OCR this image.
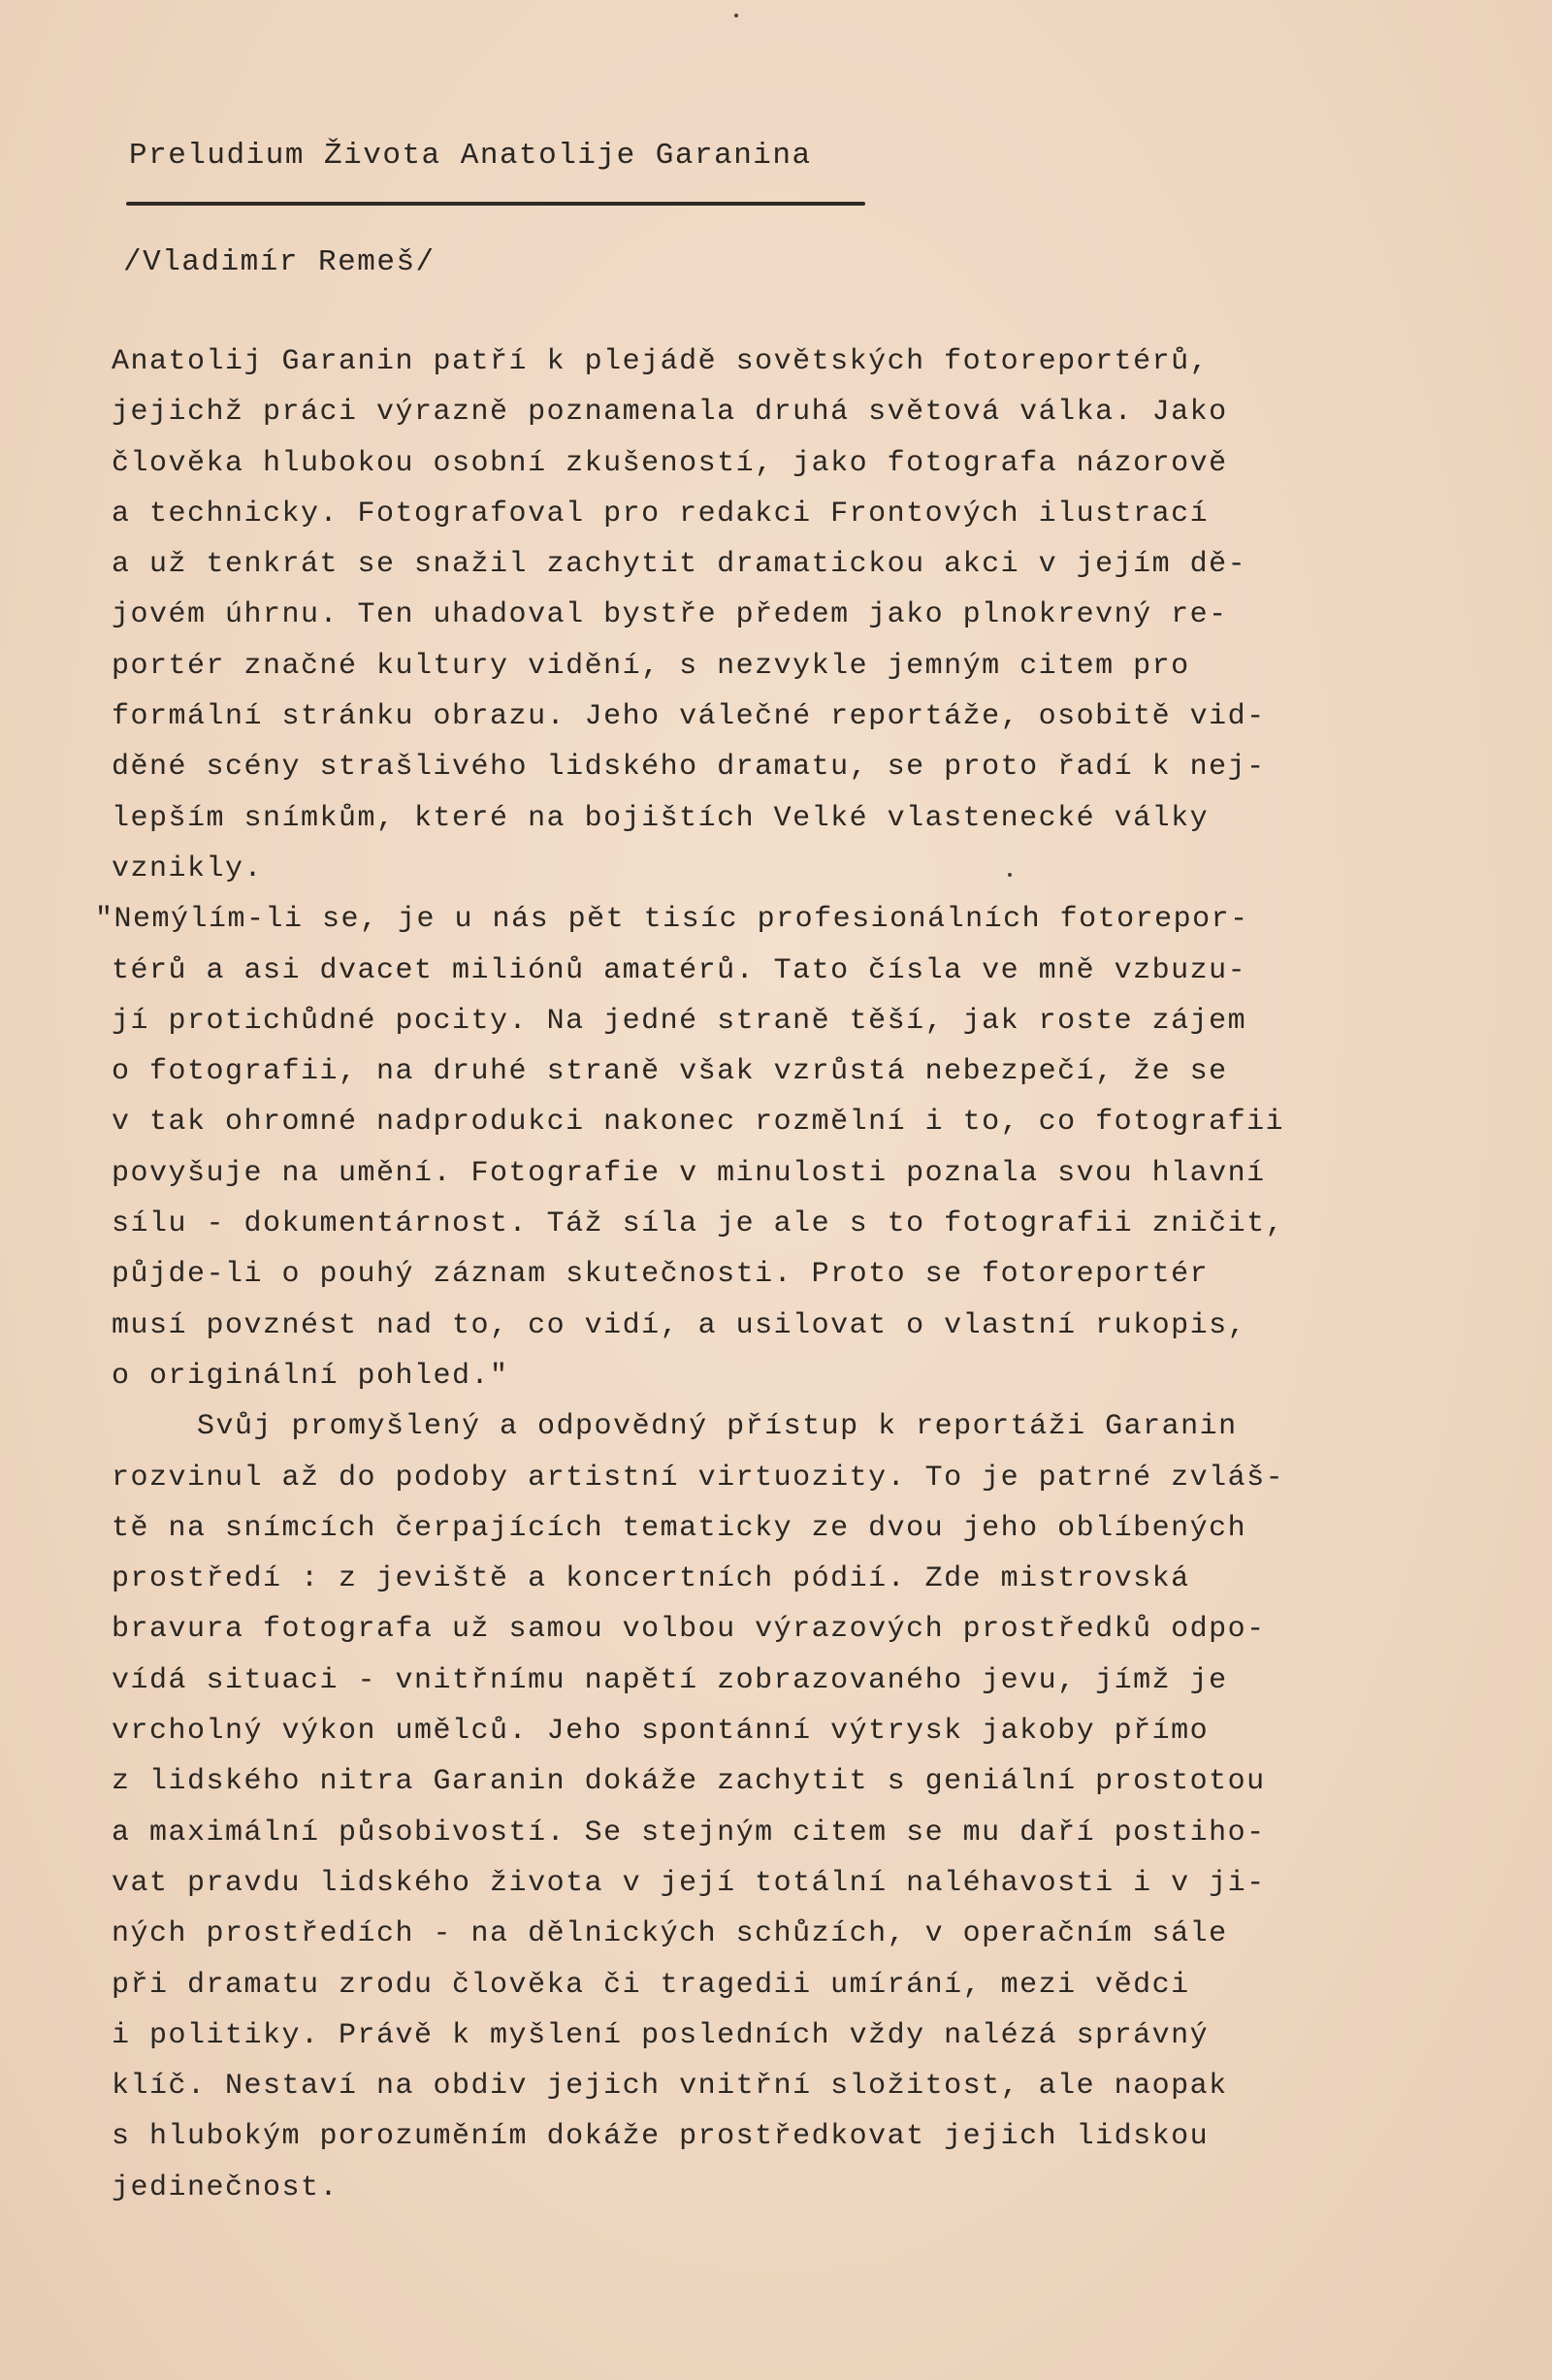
Preludium Života Anatolije Garanina
/Vladimír Remeš/
Anatolij Garanin patří k plejádě sovětských fotoreportérů,
jejichž práci výrazně poznamenala druhá světová válka. Jako
člověka hlubokou osobní zkušeností, jako fotografa názorově
a technicky. Fotografoval pro redakci Frontových ilustrací
a už tenkrát se snažil zachytit dramatickou akci v jejím dě-
jovém úhrnu. Ten uhadoval bystře předem jako plnokrevný re-
portér značné kultury vidění, s nezvykle jemným citem pro
formální stránku obrazu. Jeho válečné reportáže, osobitě vid-
děné scény strašlivého lidského dramatu, se proto řadí k nej-
lepším snímkům, které na bojištích Velké vlastenecké války
vznikly.
"Nemýlím-li se, je u nás pět tisíc profesionálních fotorepor-
térů a asi dvacet miliónů amatérů. Tato čísla ve mně vzbuzu-
jí protichůdné pocity. Na jedné straně těší, jak roste zájem
o fotografii, na druhé straně však vzrůstá nebezpečí, že se
v tak ohromné nadprodukci nakonec rozmělní i to, co fotografii
povyšuje na umění. Fotografie v minulosti poznala svou hlavní
sílu - dokumentárnost. Táž síla je ale s to fotografii zničit,
půjde-li o pouhý záznam skutečnosti. Proto se fotoreportér
musí povznést nad to, co vidí, a usilovat o vlastní rukopis,
o originální pohled."
Svůj promyšlený a odpovědný přístup k reportáži Garanin
rozvinul až do podoby artistní virtuozity. To je patrné zvláš-
tě na snímcích čerpajících tematicky ze dvou jeho oblíbených
prostředí : z jeviště a koncertních pódií. Zde mistrovská
bravura fotografa už samou volbou výrazových prostředků odpo-
vídá situaci - vnitřnímu napětí zobrazovaného jevu, jímž je
vrcholný výkon umělců. Jeho spontánní výtrysk jakoby přímo
z lidského nitra Garanin dokáže zachytit s geniální prostotou
a maximální působivostí. Se stejným citem se mu daří postiho-
vat pravdu lidského života v její totální naléhavosti i v ji-
ných prostředích - na dělnických schůzích, v operačním sále
při dramatu zrodu člověka či tragedii umírání, mezi vědci
i politiky. Právě k myšlení posledních vždy nalézá správný
klíč. Nestaví na obdiv jejich vnitřní složitost, ale naopak
s hlubokým porozuměním dokáže prostředkovat jejich lidskou
jedinečnost.
